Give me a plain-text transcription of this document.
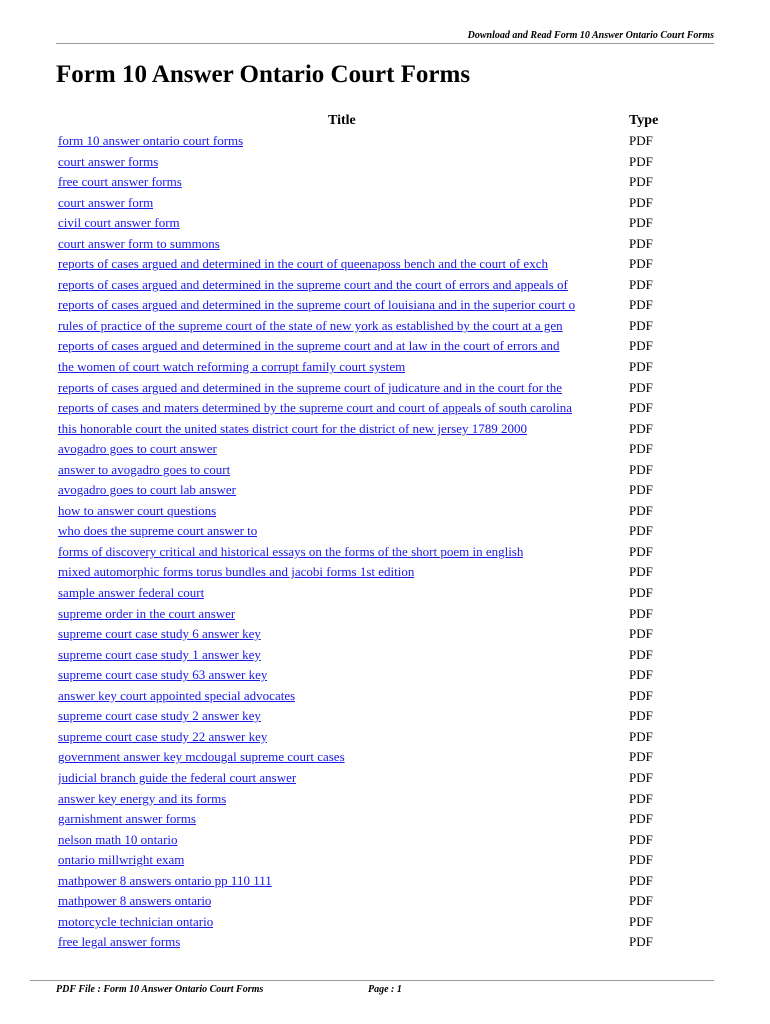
Download and Read Form 10 Answer Ontario Court Forms
Form 10 Answer Ontario Court Forms
Title	Type
form 10 answer ontario court forms	PDF
court answer forms	PDF
free court answer forms	PDF
court answer form	PDF
civil court answer form	PDF
court answer form to summons	PDF
reports of cases argued and determined in the court of queenaposs bench and the court of exch	PDF
reports of cases argued and determined in the supreme court and the court of errors and appeals of	PDF
reports of cases argued and determined in the supreme court of louisiana and in the superior court o	PDF
rules of practice of the supreme court of the state of new york as established by the court at a gen	PDF
reports of cases argued and determined in the supreme court and at law in the court of errors and	PDF
the women of court watch reforming a corrupt family court system	PDF
reports of cases argued and determined in the supreme court of judicature and in the court for the	PDF
reports of cases and maters determined by the supreme court and court of appeals of south carolina	PDF
this honorable court the united states district court for the district of new jersey 1789 2000	PDF
avogadro goes to court answer	PDF
answer to avogadro goes to court	PDF
avogadro goes to court lab answer	PDF
how to answer court questions	PDF
who does the supreme court answer to	PDF
forms of discovery critical and historical essays on the forms of the short poem in english	PDF
mixed automorphic forms torus bundles and jacobi forms 1st edition	PDF
sample answer federal court	PDF
supreme order in the court answer	PDF
supreme court case study 6 answer key	PDF
supreme court case study 1 answer key	PDF
supreme court case study 63 answer key	PDF
answer key court appointed special advocates	PDF
supreme court case study 2 answer key	PDF
supreme court case study 22 answer key	PDF
government answer key mcdougal supreme court cases	PDF
judicial branch guide the federal court answer	PDF
answer key energy and its forms	PDF
garnishment answer forms	PDF
nelson math 10 ontario	PDF
ontario millwright exam	PDF
mathpower 8 answers ontario pp 110 111	PDF
mathpower 8 answers ontario	PDF
motorcycle technician ontario	PDF
free legal answer forms	PDF
PDF File : Form 10 Answer Ontario Court Forms	Page : 1
